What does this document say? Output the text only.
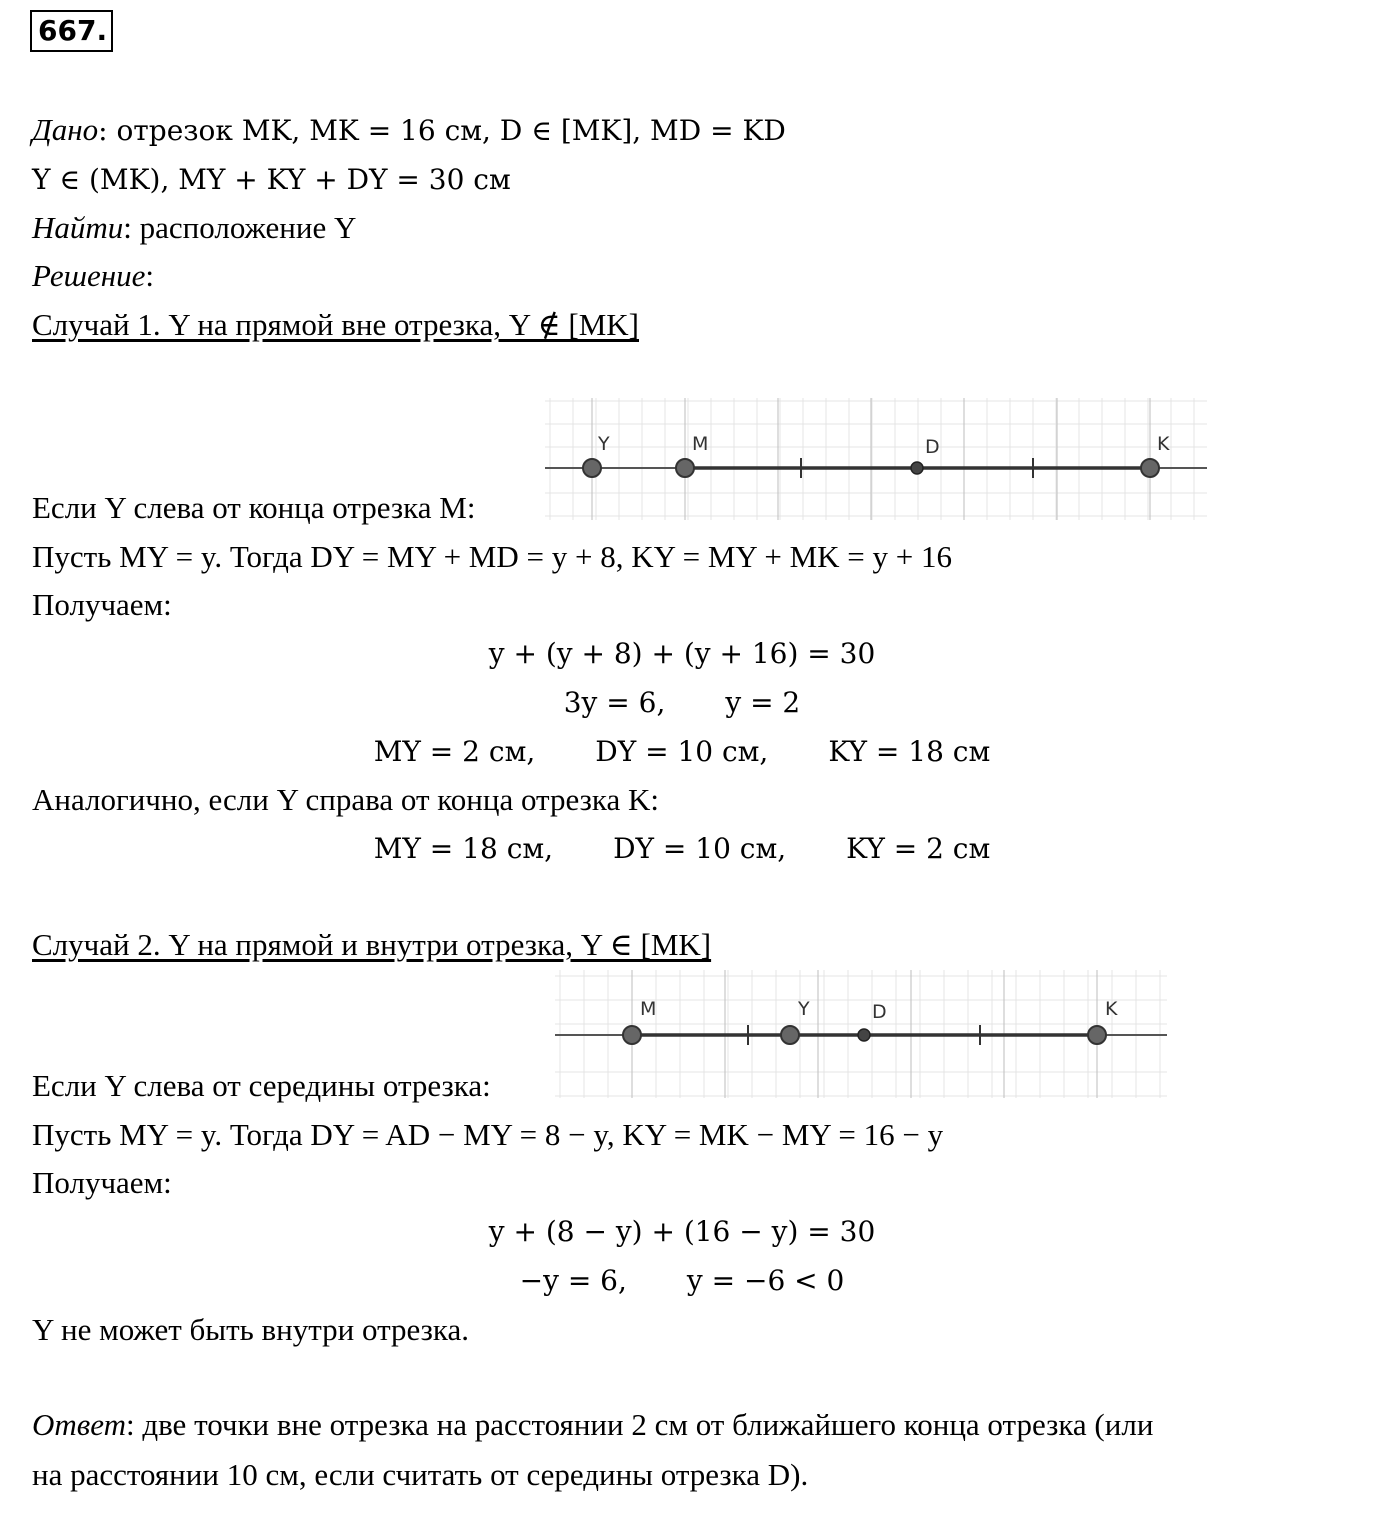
667.
Дано: отрезок MK, MK = 16 см, D ∈ [MK], MD = KD
Y ∈ (MK), MY + KY + DY = 30 см
Найти: расположение Y
Решение:
Случай 1. Y на прямой вне отрезка, Y ∉ [MK]
Y	M	D	K
Если Y слева от конца отрезка M:
Пусть MY = y. Тогда DY = MY + MD = y + 8, KY = MY + MK = y + 16
Получаем:
y + (y + 8) + (y + 16) = 30
3y = 6, y = 2
MY = 2 см, DY = 10 см, KY = 18 см
Аналогично, если Y справа от конца отрезка K:
MY = 18 см, DY = 10 см, KY = 2 см
Случай 2. Y на прямой и внутри отрезка, Y ∈ [MK]
M	Y	D	K
Если Y слева от середины отрезка:
Пусть MY = y. Тогда DY = AD − MY = 8 − y, KY = MK − MY = 16 − y
Получаем:
y + (8 − y) + (16 − y) = 30
−y = 6, y = −6 < 0
Y не может быть внутри отрезка.
Ответ: две точки вне отрезка на расстоянии 2 см от ближайшего конца отрезка (или
на расстоянии 10 см, если считать от середины отрезка D).
